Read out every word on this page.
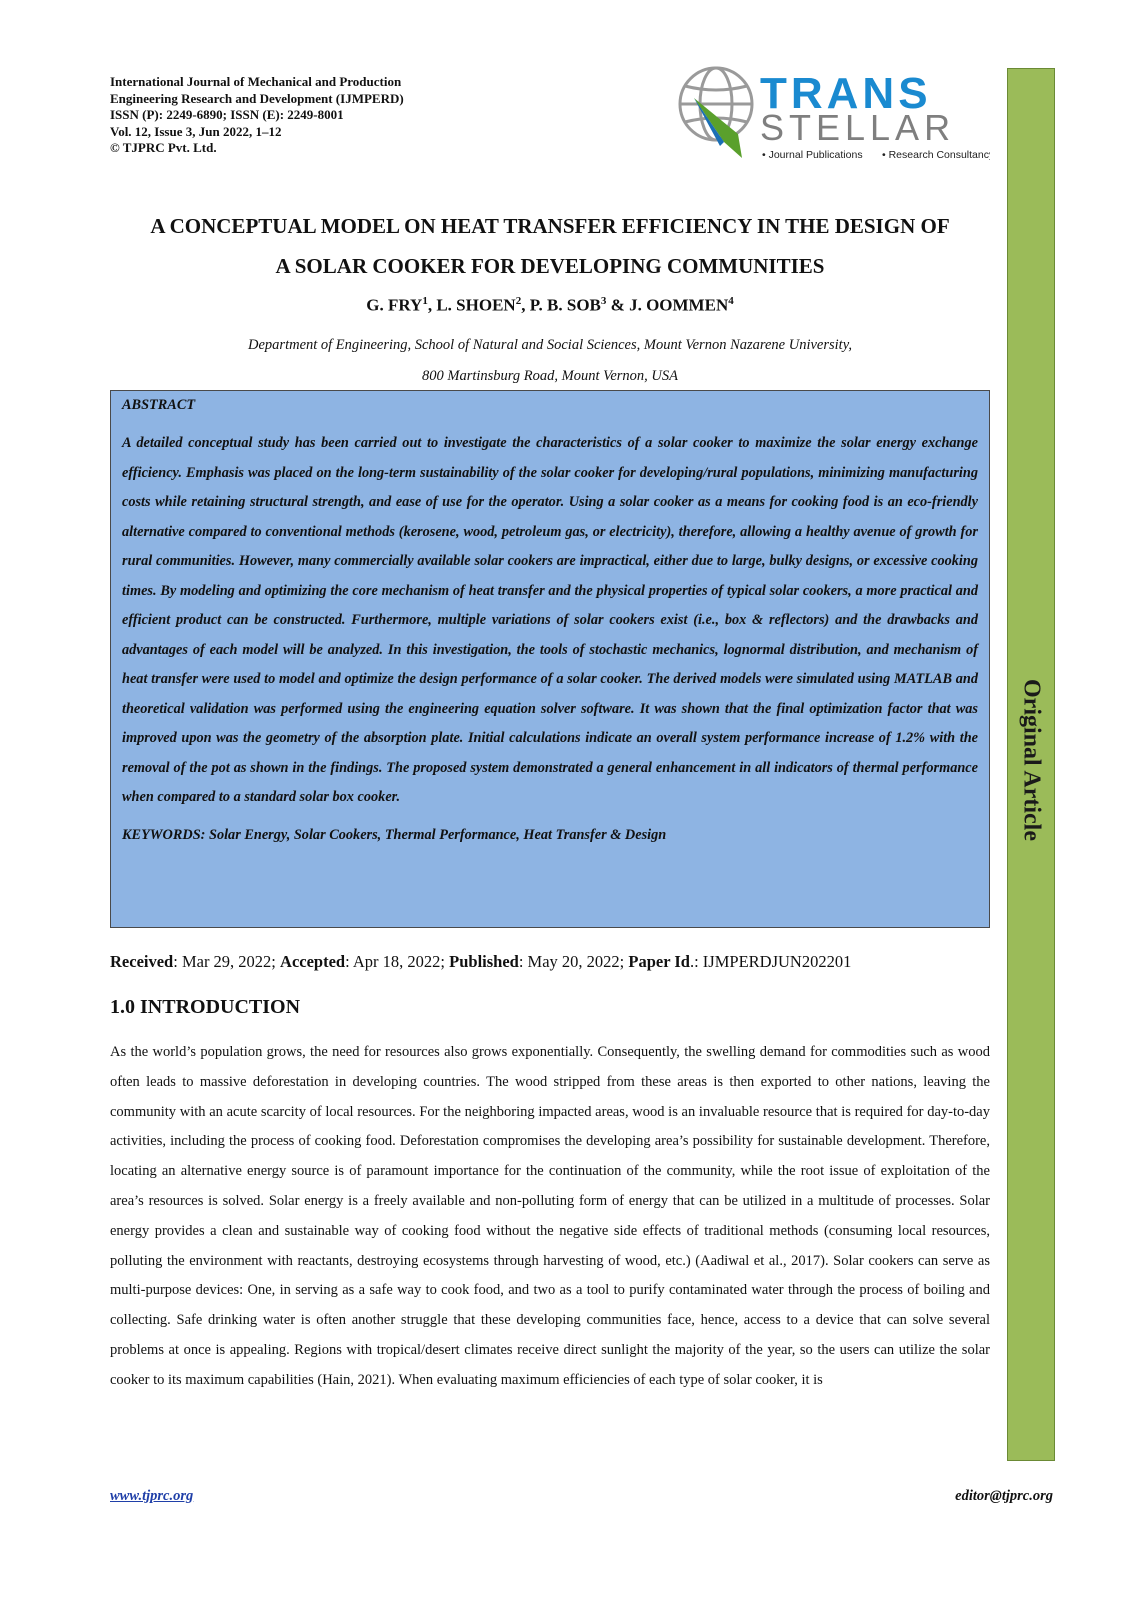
International Journal of Mechanical and Production
Engineering Research and Development (IJMPERD)
ISSN (P): 2249-6890; ISSN (E): 2249-8001
Vol. 12, Issue 3, Jun 2022, 1–12
© TJPRC Pvt. Ltd.
TRANS
STELLAR
• Journal Publications • Research Consultancy
Original Article
A CONCEPTUAL MODEL ON HEAT TRANSFER EFFICIENCY IN THE DESIGN OF
A SOLAR COOKER FOR DEVELOPING COMMUNITIES
G. FRY$^1$, L. SHOEN$^2$, P. B. SOB$^3$ & J. OOMMEN$^4$
Department of Engineering, School of Natural and Social Sciences, Mount Vernon Nazarene University,
800 Martinsburg Road, Mount Vernon, USA
ABSTRACT
A detailed conceptual study has been carried out to investigate the characteristics of a solar cooker to maximize the solar energy exchange efficiency. Emphasis was placed on the long-term sustainability of the solar cooker for developing/rural populations, minimizing manufacturing costs while retaining structural strength, and ease of use for the operator. Using a solar cooker as a means for cooking food is an eco-friendly alternative compared to conventional methods (kerosene, wood, petroleum gas, or electricity), therefore, allowing a healthy avenue of growth for rural communities. However, many commercially available solar cookers are impractical, either due to large, bulky designs, or excessive cooking times. By modeling and optimizing the core mechanism of heat transfer and the physical properties of typical solar cookers, a more practical and efficient product can be constructed. Furthermore, multiple variations of solar cookers exist (i.e., box & reflectors) and the drawbacks and advantages of each model will be analyzed. In this investigation, the tools of stochastic mechanics, lognormal distribution, and mechanism of heat transfer were used to model and optimize the design performance of a solar cooker. The derived models were simulated using MATLAB and theoretical validation was performed using the engineering equation solver software. It was shown that the final optimization factor that was improved upon was the geometry of the absorption plate. Initial calculations indicate an overall system performance increase of 1.2% with the removal of the pot as shown in the findings. The proposed system demonstrated a general enhancement in all indicators of thermal performance when compared to a standard solar box cooker.
KEYWORDS: Solar Energy, Solar Cookers, Thermal Performance, Heat Transfer & Design
Received: Mar 29, 2022; Accepted: Apr 18, 2022; Published: May 20, 2022; Paper Id.: IJMPERDJUN202201
1.0 INTRODUCTION
As the world’s population grows, the need for resources also grows exponentially. Consequently, the swelling demand for commodities such as wood often leads to massive deforestation in developing countries. The wood stripped from these areas is then exported to other nations, leaving the community with an acute scarcity of local resources. For the neighboring impacted areas, wood is an invaluable resource that is required for day-to-day activities, including the process of cooking food. Deforestation compromises the developing area’s possibility for sustainable development. Therefore, locating an alternative energy source is of paramount importance for the continuation of the community, while the root issue of exploitation of the area’s resources is solved. Solar energy is a freely available and non-polluting form of energy that can be utilized in a multitude of processes. Solar energy provides a clean and sustainable way of cooking food without the negative side effects of traditional methods (consuming local resources, polluting the environment with reactants, destroying ecosystems through harvesting of wood, etc.) (Aadiwal et al., 2017). Solar cookers can serve as multi-purpose devices: One, in serving as a safe way to cook food, and two as a tool to purify contaminated water through the process of boiling and collecting. Safe drinking water is often another struggle that these developing communities face, hence, access to a device that can solve several problems at once is appealing. Regions with tropical/desert climates receive direct sunlight the majority of the year, so the users can utilize the solar cooker to its maximum capabilities (Hain, 2021). When evaluating maximum efficiencies of each type of solar cooker, it is
www.tjprc.org	editor@tjprc.org
